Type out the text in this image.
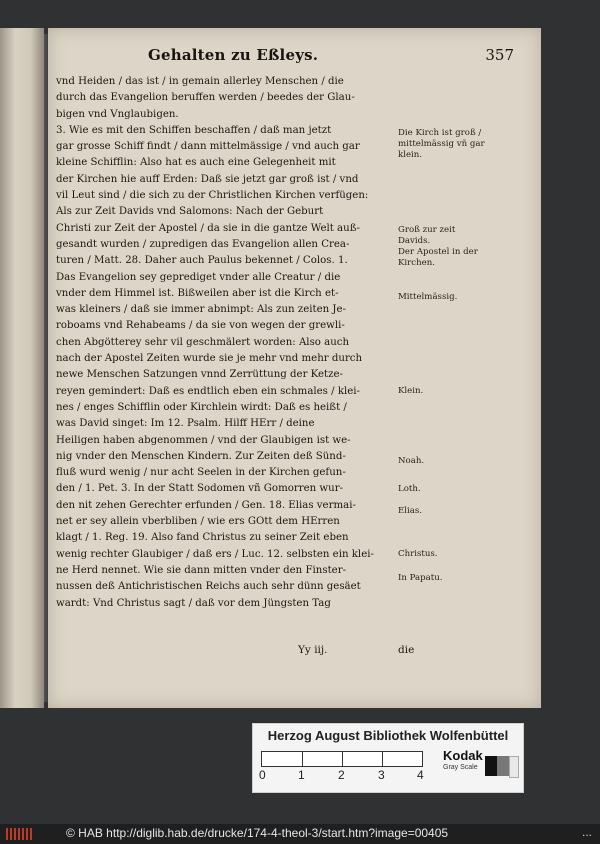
Gehalten zu Eßleys.	357
vnd Heiden / das ist / in gemain allerley Menschen / die
durch das Evangelion beruffen werden / beedes der Glau-
bigen vnd Vnglaubigen.
3. Wie es mit den Schiffen beschaffen / daß man jetzt
gar grosse Schiff findt / dann mittelmässige / vnd auch gar
kleine Schifflin: Also hat es auch eine Gelegenheit mit
der Kirchen hie auff Erden: Daß sie jetzt gar groß ist / vnd
vil Leut sind / die sich zu der Christlichen Kirchen verfügen:
Als zur Zeit Davids vnd Salomons: Nach der Geburt
Christi zur Zeit der Apostel / da sie in die gantze Welt auß-
gesandt wurden / zupredigen das Evangelion allen Crea-
turen / Matt. 28. Daher auch Paulus bekennet / Colos. 1.
Das Evangelion sey geprediget vnder alle Creatur / die
vnder dem Himmel ist. Bißweilen aber ist die Kirch et-
was kleiners / daß sie immer abnimpt: Als zun zeiten Je-
roboams vnd Rehabeams / da sie von wegen der grewli-
chen Abgötterey sehr vil geschmälert worden: Also auch
nach der Apostel Zeiten wurde sie je mehr vnd mehr durch
newe Menschen Satzungen vnnd Zerrüttung der Ketze-
reyen gemindert: Daß es endtlich eben ein schmales / klei-
nes / enges Schifflin oder Kirchlein wirdt: Daß es heißt /
was David singet: Im 12. Psalm. Hilff HErr / deine
Heiligen haben abgenommen / vnd der Glaubigen ist we-
nig vnder den Menschen Kindern. Zur Zeiten deß Sünd-
fluß wurd wenig / nur acht Seelen in der Kirchen gefun-
den / 1. Pet. 3. In der Statt Sodomen vñ Gomorren wur-
den nit zehen Gerechter erfunden / Gen. 18. Elias vermai-
net er sey allein vberbliben / wie ers GOtt dem HErren
klagt / 1. Reg. 19. Also fand Christus zu seiner Zeit eben
wenig rechter Glaubiger / daß ers / Luc. 12. selbsten ein klei-
ne Herd nennet. Wie sie dann mitten vnder den Finster-
nussen deß Antichristischen Reichs auch sehr dünn gesäet
wardt: Vnd Christus sagt / daß vor dem Jüngsten Tag
Die Kirch ist groß / mittelmässig vñ gar klein.
Groß zur zeit Davids.
Der Apostel in der Kirchen.
Mittelmässig.
Klein.
Noah.
Loth.
Elias.
Christus.
In Papatu.
Yy iij.	die
Herzog August Bibliothek Wolfenbüttel
0	1	2	3	4
Kodak
Gray Scale
© HAB http://diglib.hab.de/drucke/174-4-theol-3/start.htm?image=00405	...
